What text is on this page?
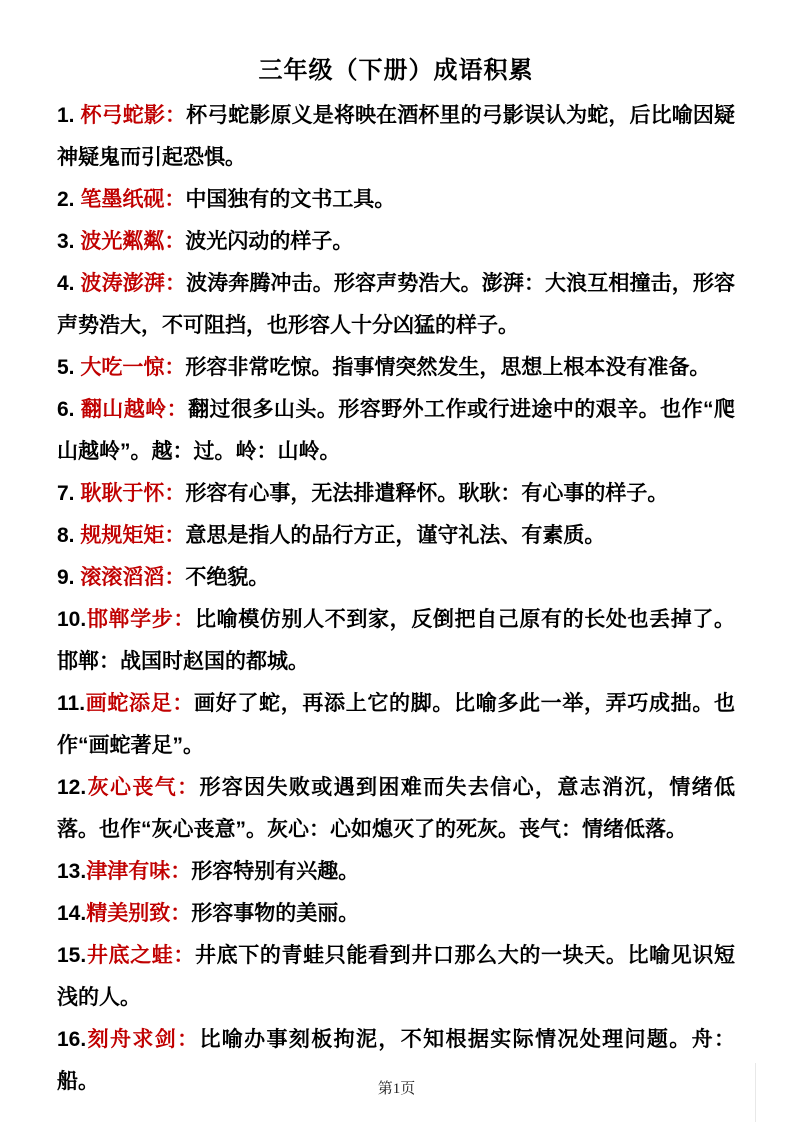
三年级（下册）成语积累

1. 杯弓蛇影：杯弓蛇影原义是将映在酒杯里的弓影误认为蛇，后比喻因疑神疑鬼而引起恐惧。

2. 笔墨纸砚：中国独有的文书工具。

3. 波光粼粼：波光闪动的样子。

4. 波涛澎湃：波涛奔腾冲击。形容声势浩大。澎湃：大浪互相撞击，形容声势浩大，不可阻挡，也形容人十分凶猛的样子。

5. 大吃一惊：形容非常吃惊。指事情突然发生，思想上根本没有准备。

6. 翻山越岭：翻过很多山头。形容野外工作或行进途中的艰辛。也作“爬山越岭”。越：过。岭：山岭。

7. 耿耿于怀：形容有心事，无法排遣释怀。耿耿：有心事的样子。

8. 规规矩矩：意思是指人的品行方正，谨守礼法、有素质。

9. 滚滚滔滔：不绝貌。

10.邯郸学步：比喻模仿别人不到家，反倒把自己原有的长处也丢掉了。邯郸：战国时赵国的都城。

11.画蛇添足：画好了蛇，再添上它的脚。比喻多此一举，弄巧成拙。也作“画蛇著足”。

12.灰心丧气：形容因失败或遇到困难而失去信心，意志消沉，情绪低落。也作“灰心丧意”。灰心：心如熄灭了的死灰。丧气：情绪低落。

13.津津有味：形容特别有兴趣。

14.精美别致：形容事物的美丽。

15.井底之蛙：井底下的青蛙只能看到井口那么大的一块天。比喻见识短浅的人。

16.刻舟求剑：比喻办事刻板拘泥，不知根据实际情况处理问题。舟：船。	第1页
